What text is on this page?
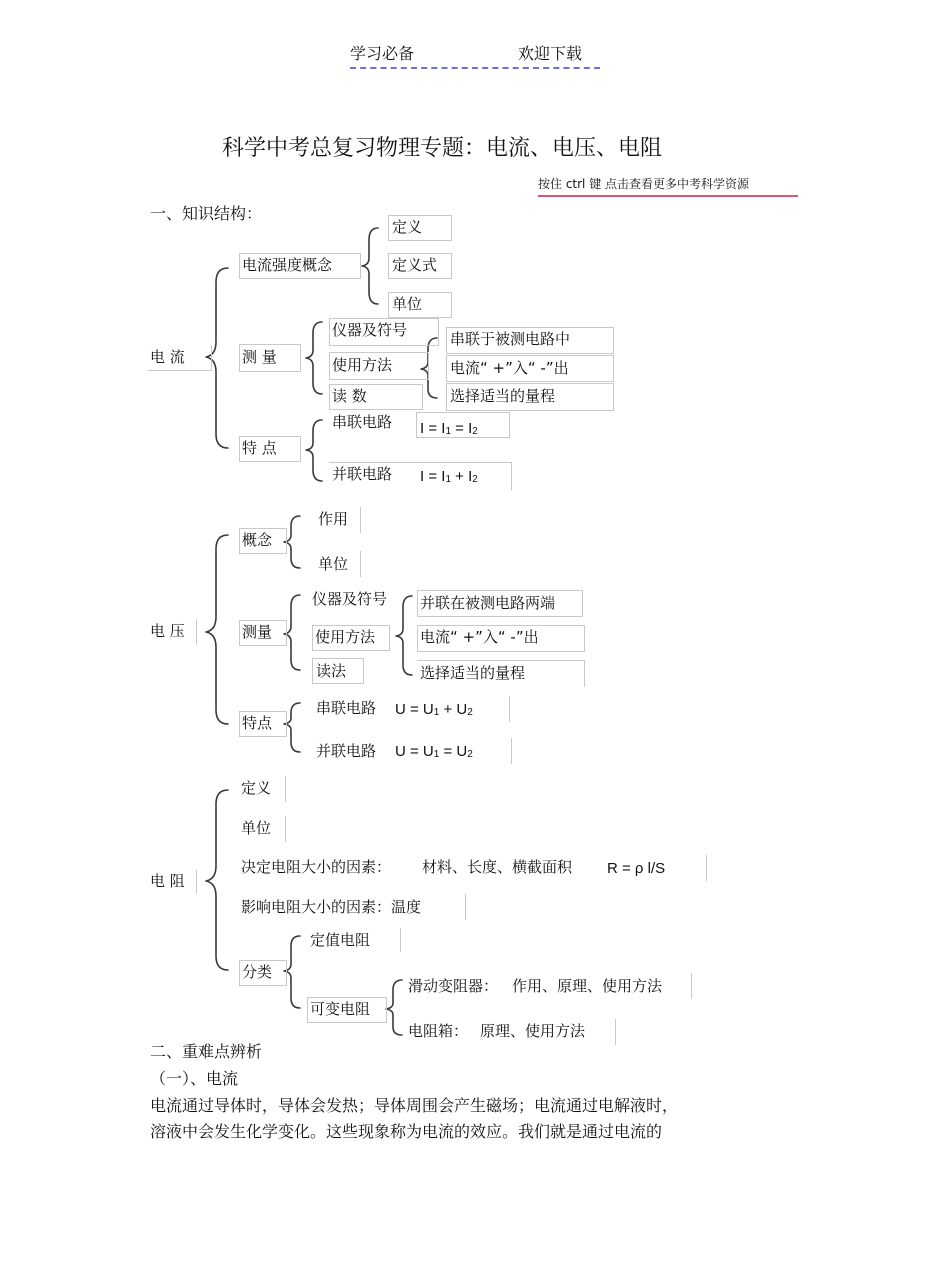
学习必备	欢迎下载
科学中考总复习物理专题：电流、电压、电阻
按住 ctrl 键 点击查看更多中考科学资源
一、知识结构：
电 流
电流强度概念
定义
定义式
单位
测 量
仪器及符号
使用方法
读 数
串联于被测电路中
电流“ +”入“ -”出
选择适当的量程
特 点
串联电路 I = I1 = I2
并联电路 I = I1 + I2
电 压
概念
作用
单位
测量
仪器及符号
使用方法
读法
并联在被测电路两端
电流“ +”入“ -”出
选择适当的量程
特点
串联电路 U = U1 + U2
并联电路 U = U1 = U2
电 阻
定义
单位
决定电阻大小的因素： 材料、长度、横截面积 R = ρ l/S
影响电阻大小的因素：温度
分类
定值电阻
可变电阻
滑动变阻器： 作用、原理、使用方法
电阻箱： 原理、使用方法
二、重难点辨析
（一）、电流
电流通过导体时，导体会发热；导体周围会产生磁场；电流通过电解液时，
溶液中会发生化学变化。这些现象称为电流的效应。我们就是通过电流的
